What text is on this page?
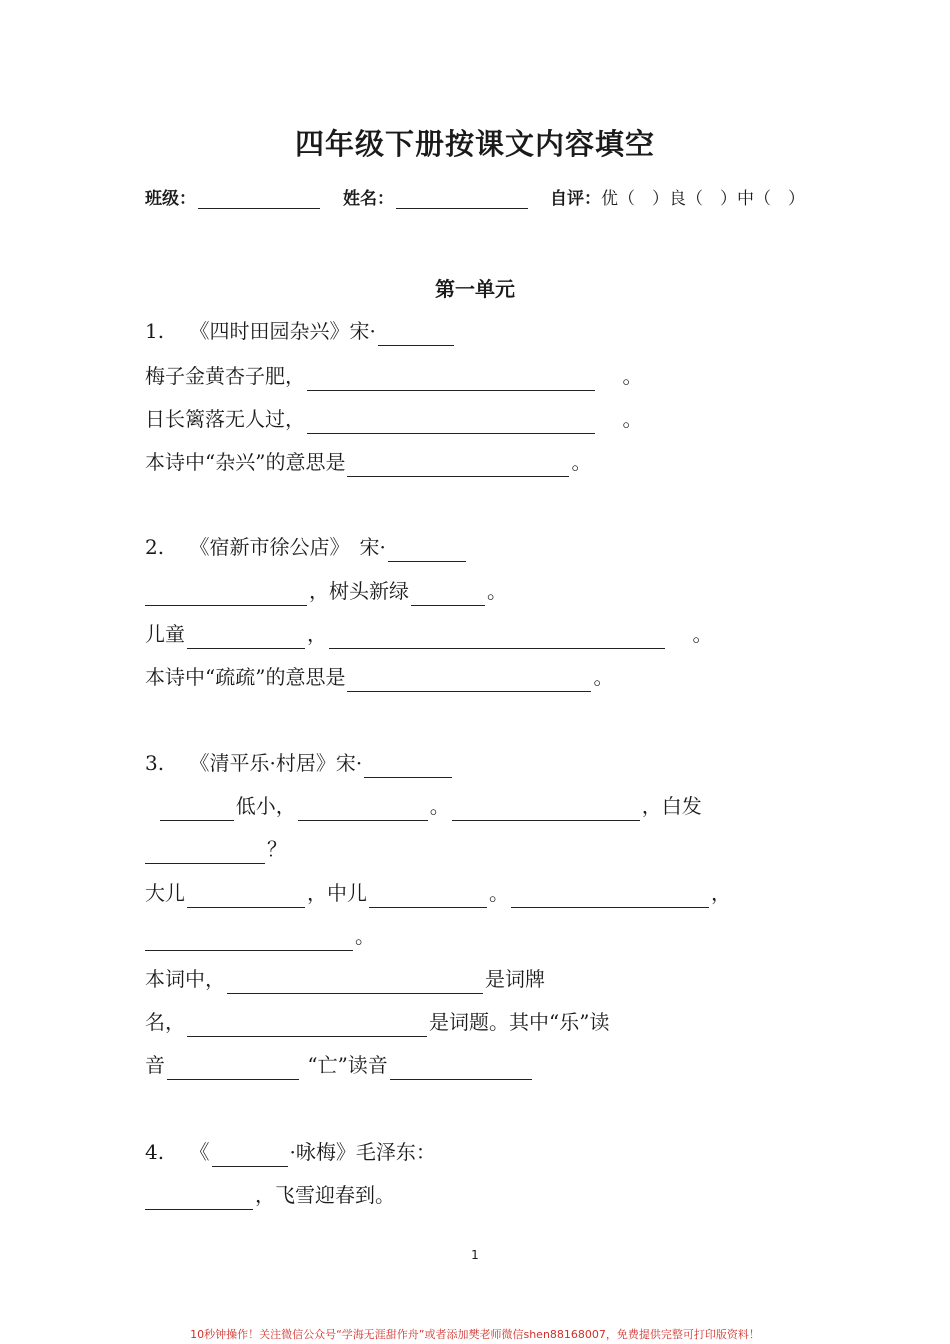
四年级下册按课文内容填空
班级：	姓名：	自评：优（　）良（　）中（　）
第一单元
1. 《四时田园杂兴》宋·
梅子金黄杏子肥，	。
日长篱落无人过，	。
本诗中“杂兴”的意思是	。
2. 《宿新市徐公店》　宋·
，树头新绿	。
儿童	，	。
本诗中“疏疏”的意思是	。
3. 《清平乐·村居》宋·
低小，	。	，白发
？
大儿	，中儿	。	，
。
本词中，	是词牌
名，	是词题。其中“乐”读
音	“亡”读音
4. 《	·咏梅》毛泽东：
，飞雪迎春到。
1
10秒钟操作！关注微信公众号“学海无涯甜作舟”或者添加樊老师微信shen88168007，免费提供完整可打印版资料！
